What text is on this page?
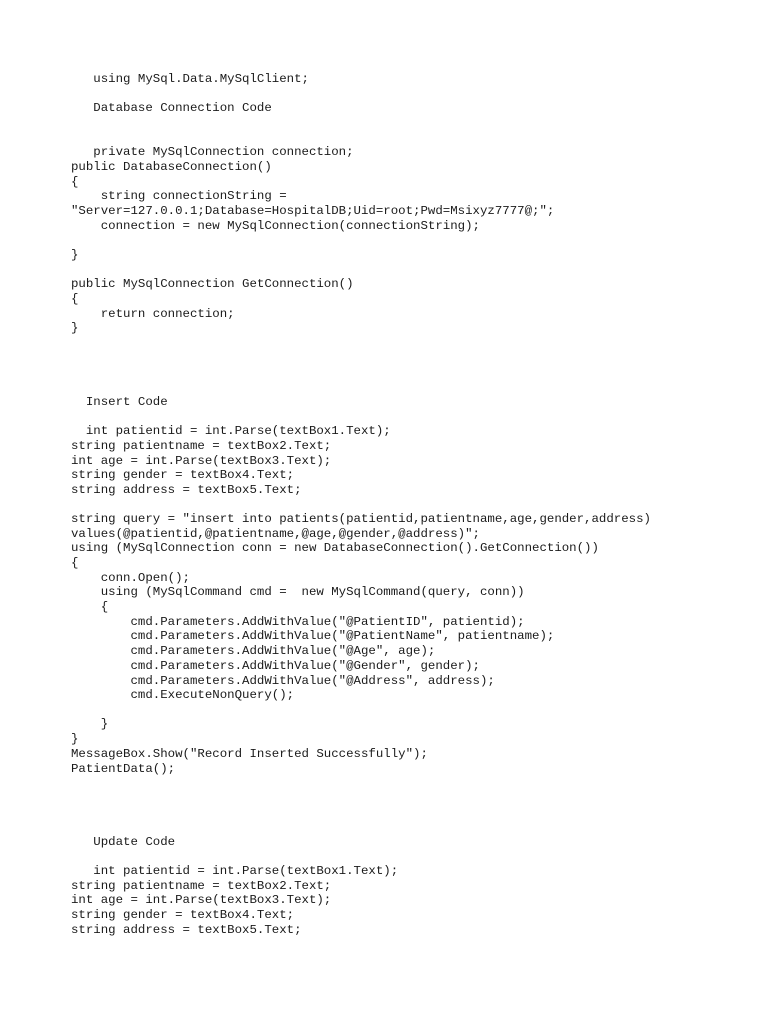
using MySql.Data.MySqlClient;
Database Connection Code
private MySqlConnection connection;
public DatabaseConnection()
{
string connectionString =
"Server=127.0.0.1;Database=HospitalDB;Uid=root;Pwd=Msixyz7777@;";
connection = new MySqlConnection(connectionString);
}
public MySqlConnection GetConnection()
{
return connection;
}
Insert Code
int patientid = int.Parse(textBox1.Text);
string patientname = textBox2.Text;
int age = int.Parse(textBox3.Text);
string gender = textBox4.Text;
string address = textBox5.Text;
string query = "insert into patients(patientid,patientname,age,gender,address)
values(@patientid,@patientname,@age,@gender,@address)";
using (MySqlConnection conn = new DatabaseConnection().GetConnection())
{
conn.Open();
using (MySqlCommand cmd =  new MySqlCommand(query, conn))
{
cmd.Parameters.AddWithValue("@PatientID", patientid);
cmd.Parameters.AddWithValue("@PatientName", patientname);
cmd.Parameters.AddWithValue("@Age", age);
cmd.Parameters.AddWithValue("@Gender", gender);
cmd.Parameters.AddWithValue("@Address", address);
cmd.ExecuteNonQuery();
}
}
MessageBox.Show("Record Inserted Successfully");
PatientData();
Update Code
int patientid = int.Parse(textBox1.Text);
string patientname = textBox2.Text;
int age = int.Parse(textBox3.Text);
string gender = textBox4.Text;
string address = textBox5.Text;
